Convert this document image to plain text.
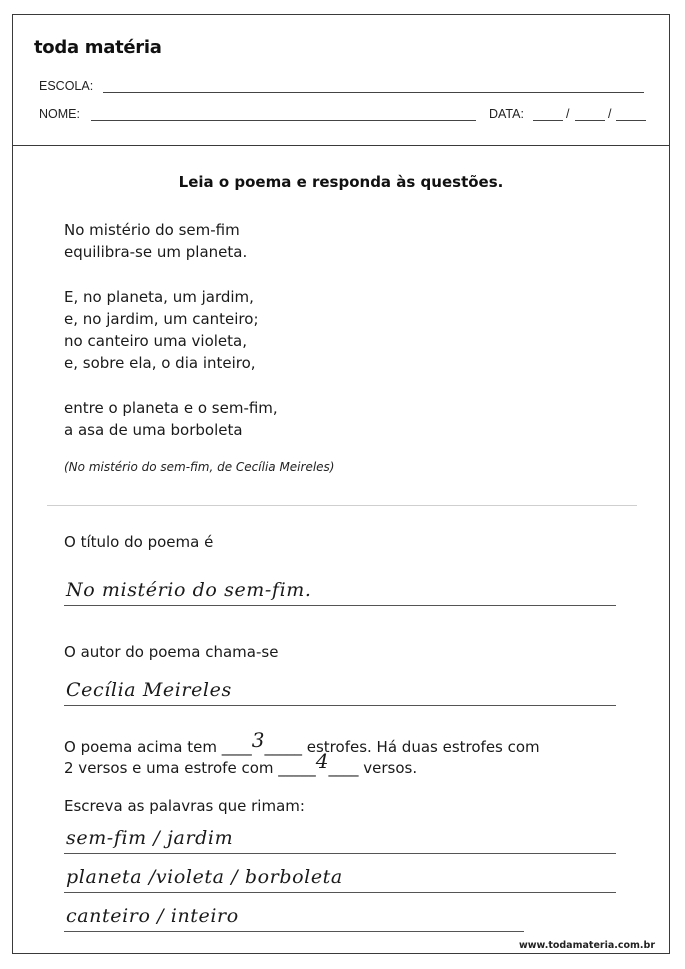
toda matéria
ESCOLA:
NOME:	DATA:	/	/
Leia o poema e responda às questões.
No mistério do sem-fim
equilibra-se um planeta.
E, no planeta, um jardim,
e, no jardim, um canteiro;
no canteiro uma violeta,
e, sobre ela, o dia inteiro,
entre o planeta e o sem-fim,
a asa de uma borboleta
(No mistério do sem-fim, de Cecília Meireles)
O título do poema é
No mistério do sem-fim.
O autor do poema chama-se
Cecília Meireles
O poema acima tem ____3_____ estrofes. Há duas estrofes com
2 versos e uma estrofe com _____4____ versos.
Escreva as palavras que rimam:
sem-fim / jardim
planeta /violeta / borboleta
canteiro / inteiro
www.todamateria.com.br
